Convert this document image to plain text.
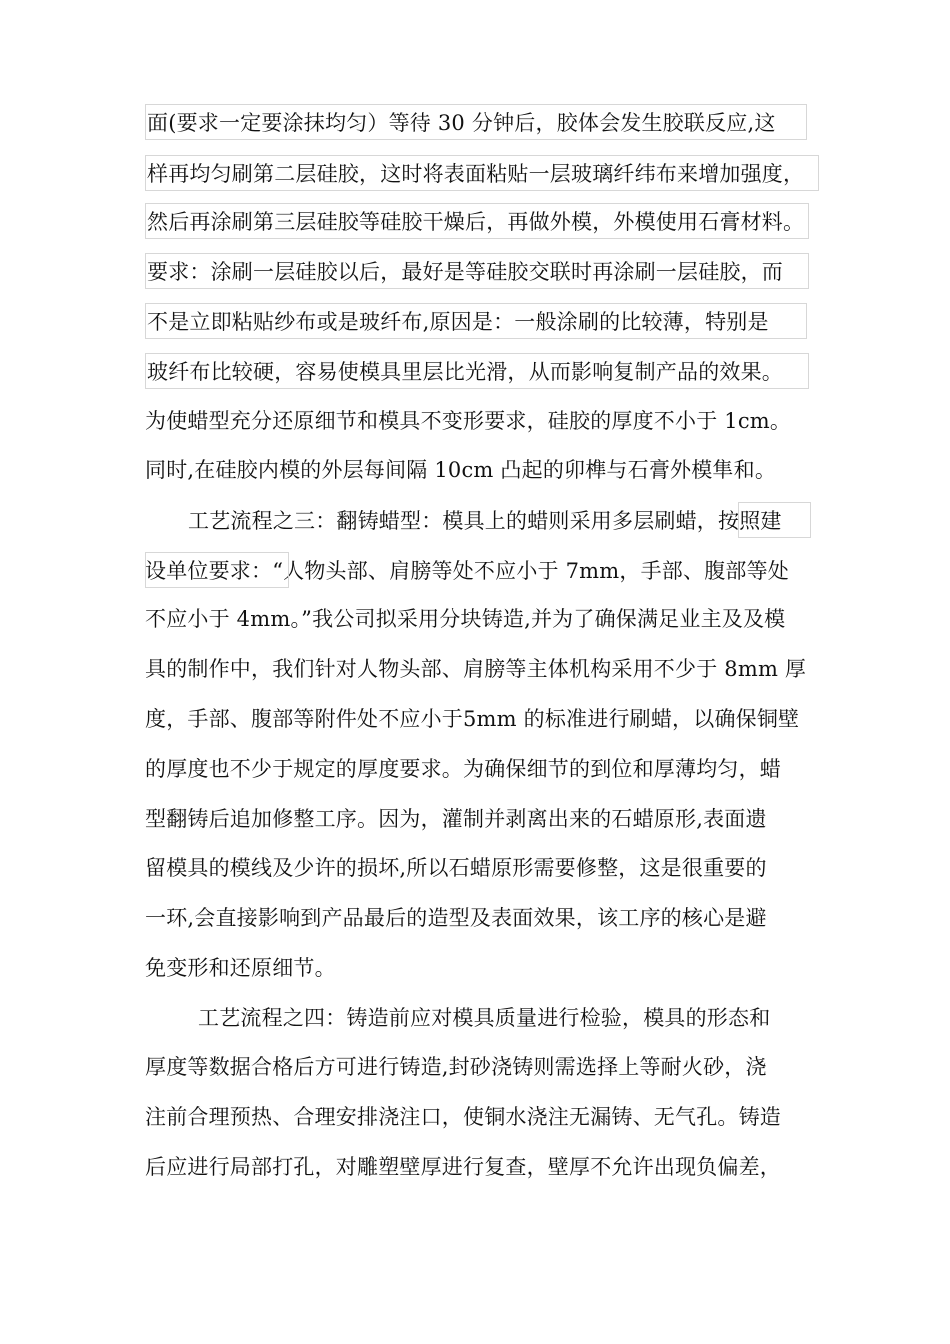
面(要求一定要涂抹均匀）等待 30 分钟后，胶体会发生胶联反应,这
样再均匀刷第二层硅胶，这时将表面粘贴一层玻璃纤纬布来增加强度，
然后再涂刷第三层硅胶等硅胶干燥后，再做外模，外模使用石膏材料。
要求：涂刷一层硅胶以后，最好是等硅胶交联时再涂刷一层硅胶，而
不是立即粘贴纱布或是玻纤布,原因是：一般涂刷的比较薄，特别是
玻纤布比较硬，容易使模具里层比光滑，从而影响复制产品的效果。
为使蜡型充分还原细节和模具不变形要求，硅胶的厚度不小于 1cm。
同时,在硅胶内模的外层每间隔 10cm 凸起的卯榫与石膏外模隼和。
工艺流程之三：翻铸蜡型：模具上的蜡则采用多层刷蜡，按照建
设单位要求：“人物头部、肩膀等处不应小于 7mm，手部、腹部等处
不应小于 4mm。”我公司拟采用分块铸造,并为了确保满足业主及及模
具的制作中，我们针对人物头部、肩膀等主体机构采用不少于 8mm 厚
度，手部、腹部等附件处不应小于5mm 的标准进行刷蜡，以确保铜壁
的厚度也不少于规定的厚度要求。为确保细节的到位和厚薄均匀，蜡
型翻铸后追加修整工序。因为，灌制并剥离出来的石蜡原形,表面遗
留模具的模线及少许的损坏,所以石蜡原形需要修整，这是很重要的
一环,会直接影响到产品最后的造型及表面效果，该工序的核心是避
免变形和还原细节。
工艺流程之四：铸造前应对模具质量进行检验，模具的形态和
厚度等数据合格后方可进行铸造,封砂浇铸则需选择上等耐火砂，浇
注前合理预热、合理安排浇注口，使铜水浇注无漏铸、无气孔。铸造
后应进行局部打孔，对雕塑壁厚进行复查，壁厚不允许出现负偏差，
